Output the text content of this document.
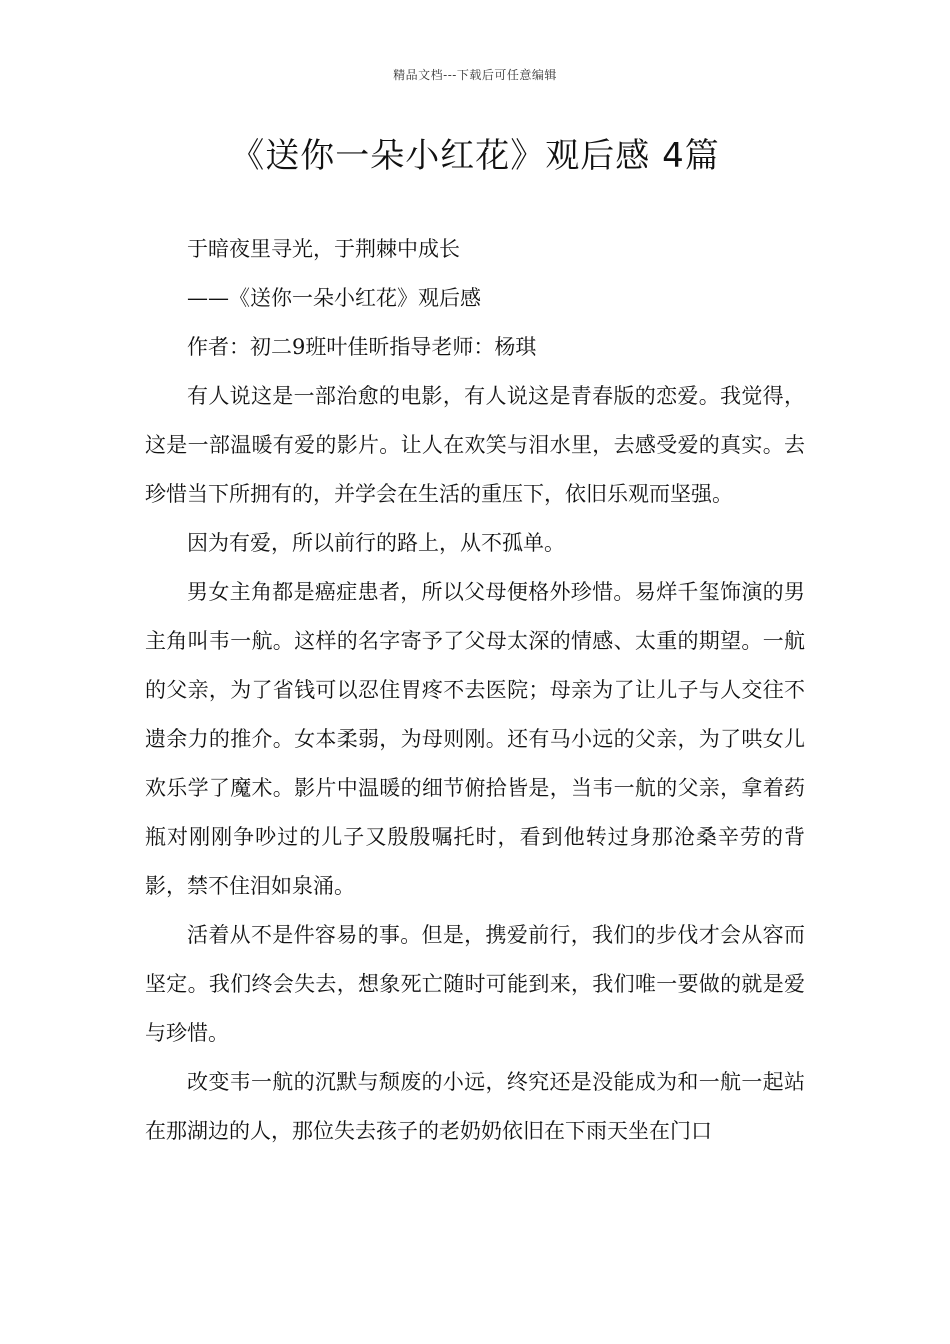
精品文档---下载后可任意编辑
《送你一朵小红花》观后感 4篇

于暗夜里寻光，于荆棘中成长

——《送你一朵小红花》观后感

作者：初二9班叶佳昕指导老师：杨琪

有人说这是一部治愈的电影，有人说这是青春版的恋爱。我觉得，这是一部温暖有爱的影片。让人在欢笑与泪水里，去感受爱的真实。去珍惜当下所拥有的，并学会在生活的重压下，依旧乐观而坚强。

因为有爱，所以前行的路上，从不孤单。

男女主角都是癌症患者，所以父母便格外珍惜。易烊千玺饰演的男主角叫韦一航。这样的名字寄予了父母太深的情感、太重的期望。一航的父亲，为了省钱可以忍住胃疼不去医院；母亲为了让儿子与人交往不遗余力的推介。女本柔弱，为母则刚。还有马小远的父亲，为了哄女儿欢乐学了魔术。影片中温暖的细节俯拾皆是，当韦一航的父亲，拿着药瓶对刚刚争吵过的儿子又殷殷嘱托时，看到他转过身那沧桑辛劳的背影，禁不住泪如泉涌。

活着从不是件容易的事。但是，携爱前行，我们的步伐才会从容而坚定。我们终会失去，想象死亡随时可能到来，我们唯一要做的就是爱与珍惜。

改变韦一航的沉默与颓废的小远，终究还是没能成为和一航一起站在那湖边的人，那位失去孩子的老奶奶依旧在下雨天坐在门口
